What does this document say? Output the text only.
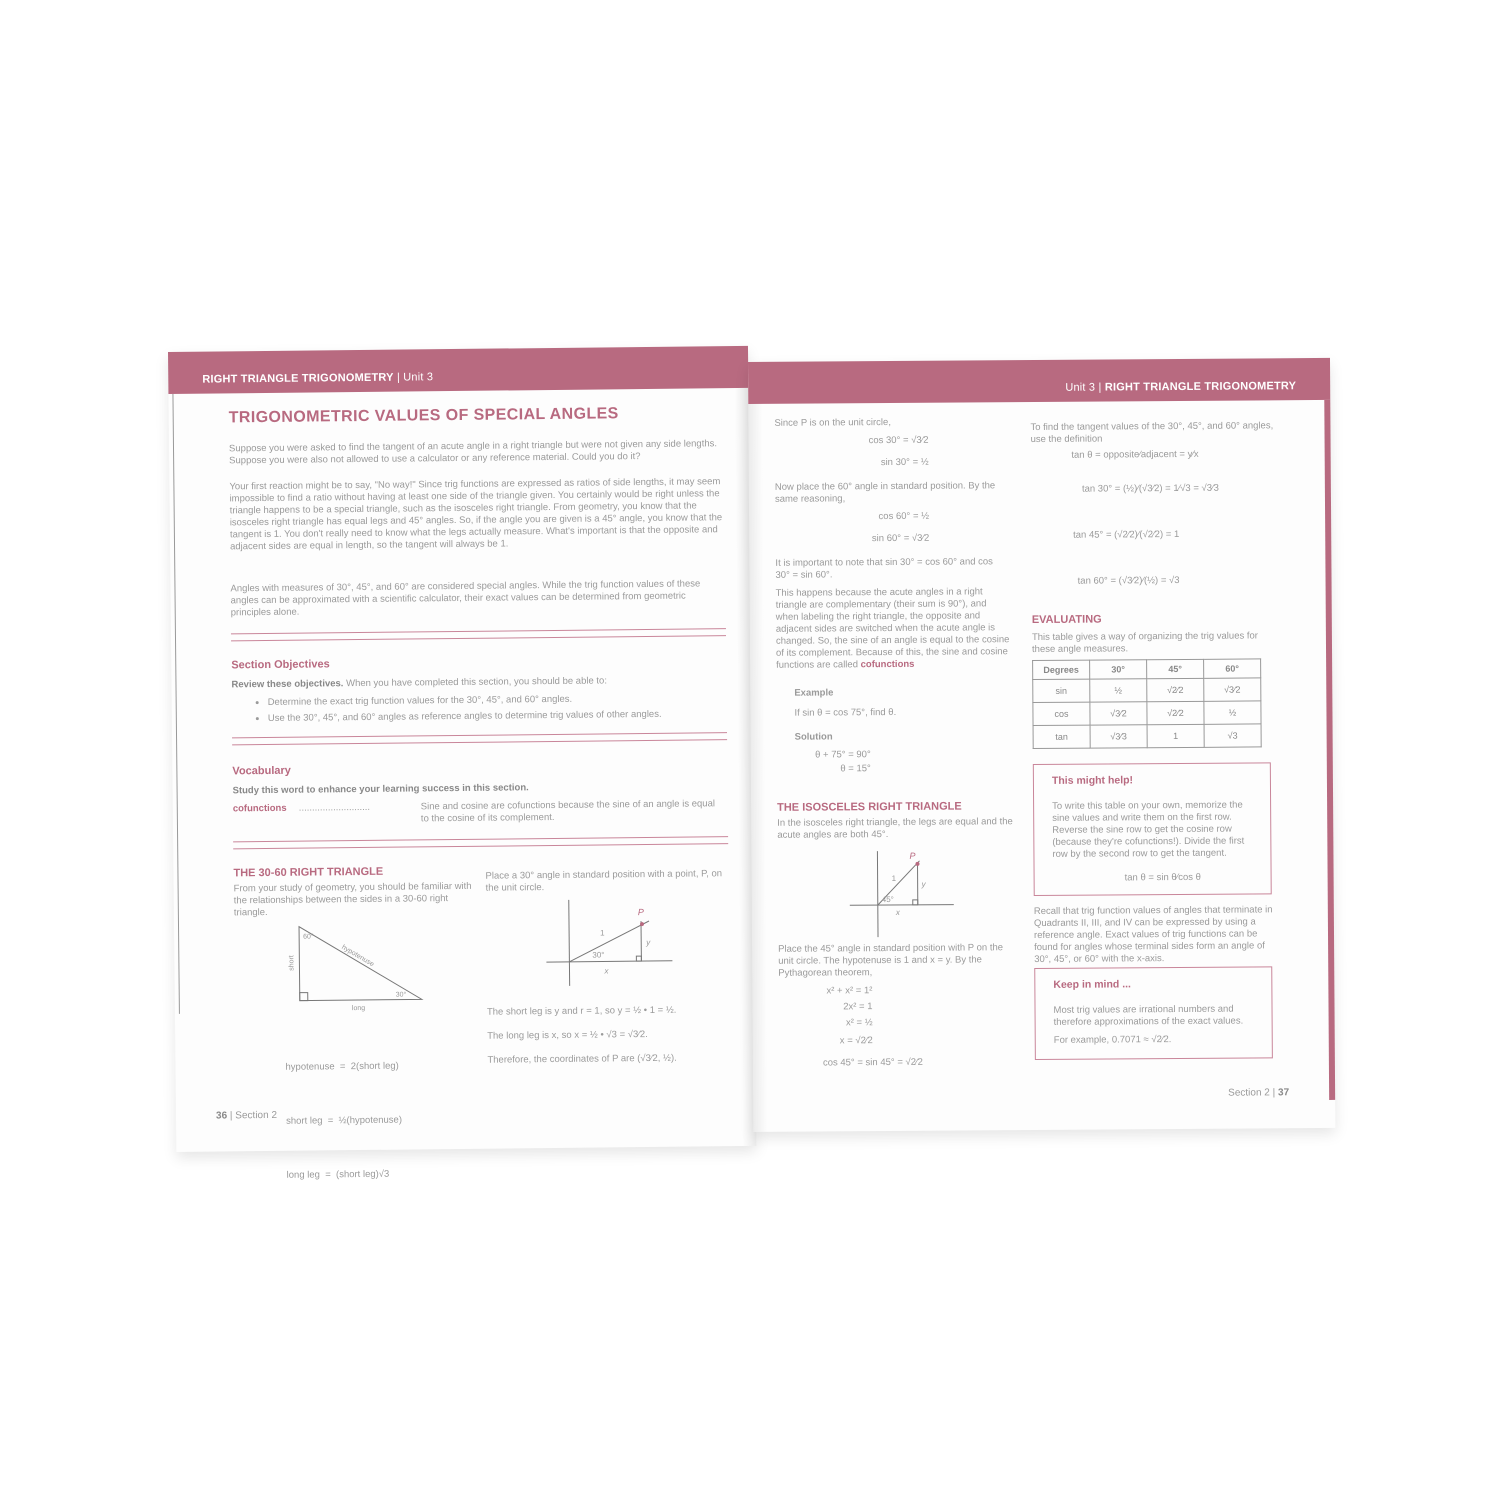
RIGHT TRIANGLE TRIGONOMETRY | Unit 3
TRIGONOMETRIC VALUES OF SPECIAL ANGLES
Suppose you were asked to find the tangent of an acute angle in a right triangle but were not given any side lengths. Suppose you were also not allowed to use a calculator or any reference material. Could you do it?
Your first reaction might be to say, "No way!" Since trig functions are expressed as ratios of side lengths, it may seem impossible to find a ratio without having at least one side of the triangle given. You certainly would be right unless the triangle happens to be a special triangle, such as the isosceles right triangle. From geometry, you know that the isosceles right triangle has equal legs and 45° angles. So, if the angle you are given is a 45° angle, you know that the tangent is 1. You don't really need to know what the legs actually measure. What's important is that the opposite and adjacent sides are equal in length, so the tangent will always be 1.
Angles with measures of 30°, 45°, and 60° are considered special angles. While the trig function values of these angles can be approximated with a scientific calculator, their exact values can be determined from geometric principles alone.
Section Objectives
Review these objectives. When you have completed this section, you should be able to:
• Determine the exact trig function values for the 30°, 45°, and 60° angles.
• Use the 30°, 45°, and 60° angles as reference angles to determine trig values of other angles.
Vocabulary
Study this word to enhance your learning success in this section.
cofunctions ...........................	Sine and cosine are cofunctions because the sine of an angle is equal to the cosine of its complement.
THE 30-60 RIGHT TRIANGLE
From your study of geometry, you should be familiar with the relationships between the sides in a 30-60 right triangle.
60°
hypotenuse
short
long
30°

hypotenuse  =  2(short leg)

short leg  =  ½(hypotenuse)

long leg  =  (short leg)√3

Place a 30° angle in standard position with a point, P, on the unit circle.
P
1
y
x
30°
The short leg is y and r = 1, so y = ½ • 1 = ½.
The long leg is x, so x = ½ • √3 = √3⁄2.
Therefore, the coordinates of P are (√3⁄2, ½).
36 | Section 2
Unit 3 | RIGHT TRIANGLE TRIGONOMETRY
Since P is on the unit circle,
cos 30° = √3⁄2
sin 30° = ½
Now place the 60° angle in standard position. By the same reasoning,
cos 60° = ½
sin 60° = √3⁄2
It is important to note that sin 30° = cos 60° and cos 30° = sin 60°.
This happens because the acute angles in a right triangle are complementary (their sum is 90°), and when labeling the right triangle, the opposite and adjacent sides are switched when the acute angle is changed. So, the sine of an angle is equal to the cosine of its complement. Because of this, the sine and cosine functions are called cofunctions
Example
If sin θ = cos 75°, find θ.
Solution
θ + 75° = 90°
θ = 15°
THE ISOSCELES RIGHT TRIANGLE
In the isosceles right triangle, the legs are equal and the acute angles are both 45°.
P
1
y
x
45°
Place the 45° angle in standard position with P on the unit circle. The hypotenuse is 1 and x = y. By the Pythagorean theorem,
x² + x² = 1²
2x² = 1
x² = ½
x = √2⁄2
cos 45° = sin 45° = √2⁄2
To find the tangent values of the 30°, 45°, and 60° angles, use the definition
tan θ = opposite⁄adjacent = y⁄x
tan 30° = (½)⁄(√3⁄2) = 1⁄√3 = √3⁄3
tan 45° = (√2⁄2)⁄(√2⁄2) = 1
tan 60° = (√3⁄2)⁄(½) = √3
EVALUATING
This table gives a way of organizing the trig values for these angle measures.
Degrees	30°	45°	60°
sin	½	√2⁄2	√3⁄2
cos	√3⁄2	√2⁄2	½
tan	√3⁄3	1	√3
This might help!
To write this table on your own, memorize the sine values and write them on the first row. Reverse the sine row to get the cosine row (because they're cofunctions!). Divide the first row by the second row to get the tangent.
tan θ = sin θ⁄cos θ
Recall that trig function values of angles that terminate in Quadrants II, III, and IV can be expressed by using a reference angle. Exact values of trig functions can be found for angles whose terminal sides form an angle of 30°, 45°, or 60° with the x-axis.
Keep in mind ...
Most trig values are irrational numbers and therefore approximations of the exact values.
For example, 0.7071 ≈ √2⁄2.
Section 2 | 37
